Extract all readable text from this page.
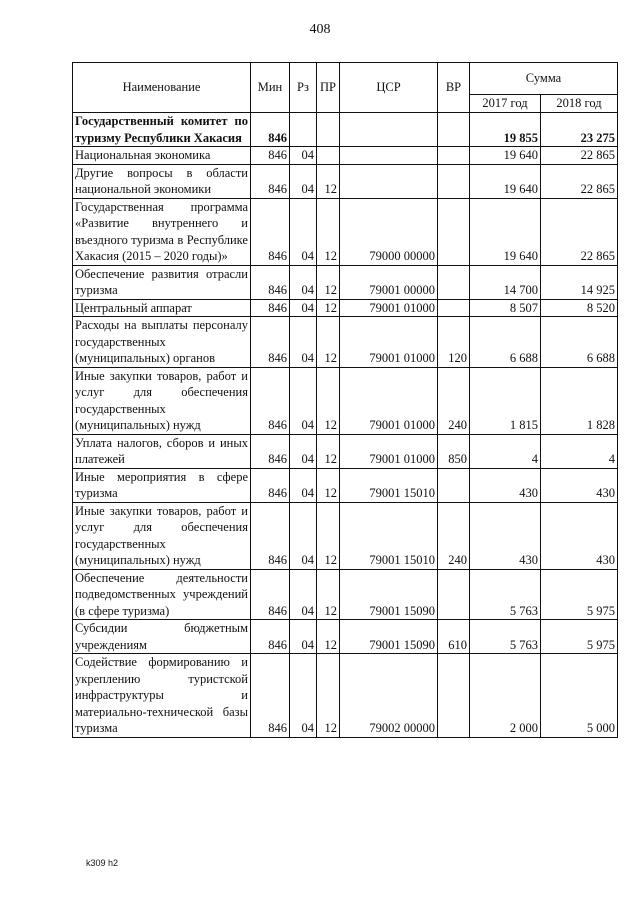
408
Наименование	Мин	Рз	ПР	ЦСР	ВР	Сумма	
						2017 год	2018 год
Государственный комитет по туризму Республики Хакасия	846					19 855	23 275
Национальная экономика	846	04				19 640	22 865
Другие вопросы в области национальной экономики	846	04	12			19 640	22 865
Государственная программа «Развитие внутреннего и въездного туризма в Республике Хакасия (2015 – 2020 годы)»	846	04	12	79000 00000		19 640	22 865
Обеспечение развития отрасли туризма	846	04	12	79001 00000		14 700	14 925
Центральный аппарат	846	04	12	79001 01000		8 507	8 520
Расходы на выплаты персоналу государственных (муниципальных) органов	846	04	12	79001 01000	120	6 688	6 688
Иные закупки товаров, работ и услуг для обеспечения государственных (муниципальных) нужд	846	04	12	79001 01000	240	1 815	1 828
Уплата налогов, сборов и иных платежей	846	04	12	79001 01000	850	4	4
Иные мероприятия в сфере туризма	846	04	12	79001 15010		430	430
Иные закупки товаров, работ и услуг для обеспечения государственных (муниципальных) нужд	846	04	12	79001 15010	240	430	430
Обеспечение деятельности подведомственных учреждений (в сфере туризма)	846	04	12	79001 15090		5 763	5 975
Субсидии бюджетным учреждениям	846	04	12	79001 15090	610	5 763	5 975
Содействие формированию и укреплению туристской инфраструктуры и материально-технической базы туризма	846	04	12	79002 00000		2 000	5 000
k309 h2
